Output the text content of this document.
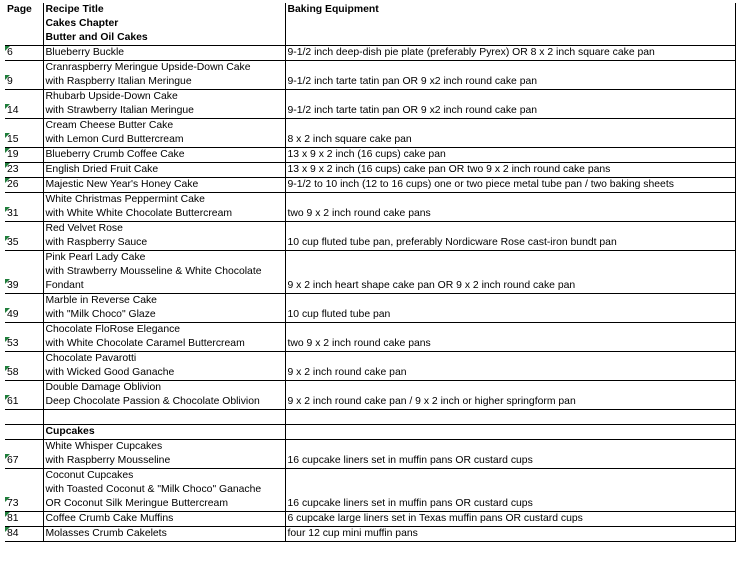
Page	Recipe Title	Baking Equipment
	Cakes Chapter	
	Butter and Oil Cakes	

6	Blueberry Buckle	9-1/2 inch deep-dish pie plate (preferably Pyrex) OR 8 x 2 inch square cake pan
	Cranraspberry Meringue Upside-Down Cake	

9	with Raspberry Italian Meringue	9-1/2 inch tarte tatin pan OR 9 x2 inch round cake pan
	Rhubarb Upside-Down Cake	

14	with Strawberry Italian Meringue	9-1/2 inch tarte tatin pan OR 9 x2 inch round cake pan
	Cream Cheese Butter Cake	

15	with Lemon Curd Buttercream	8 x 2 inch square cake pan

19	Blueberry Crumb Coffee Cake	13 x 9 x 2 inch (16 cups) cake pan

23	English Dried Fruit Cake	13 x 9 x 2 inch (16 cups) cake pan OR two 9 x 2 inch round cake pans

26	Majestic New Year's Honey Cake	9-1/2 to 10 inch (12 to 16 cups) one or two piece metal tube pan / two baking sheets
	White Christmas Peppermint Cake	

31	with White White Chocolate Buttercream	two 9 x 2 inch round cake pans
	Red Velvet Rose	

35	with Raspberry Sauce	10 cup fluted tube pan, preferably Nordicware Rose cast-iron bundt pan
	Pink Pearl Lady Cake	
	with Strawberry Mousseline & White Chocolate	

39	Fondant	9 x 2 inch heart shape cake pan OR 9 x 2 inch round cake pan
	Marble in Reverse Cake	

49	with "Milk Choco" Glaze	10 cup fluted tube pan
	Chocolate FloRose Elegance	

53	with White Chocolate Caramel Buttercream	two 9 x 2 inch round cake pans
	Chocolate Pavarotti	

58	with Wicked Good Ganache	9 x 2 inch round cake pan
	Double Damage Oblivion	

61	Deep Chocolate Passion & Chocolate Oblivion	9 x 2 inch round cake pan / 9 x 2 inch or higher springform pan

	Cupcakes	
	White Whisper Cupcakes	

67	with Raspberry Mousseline	16 cupcake liners set in muffin pans OR custard cups
	Coconut Cupcakes	
	with Toasted Coconut & "Milk Choco" Ganache	

73	OR Coconut Silk Meringue Buttercream	16 cupcake liners set in muffin pans OR custard cups

81	Coffee Crumb Cake Muffins	6 cupcake large liners set in Texas muffin pans OR custard cups

84	Molasses Crumb Cakelets	four 12 cup mini muffin pans
